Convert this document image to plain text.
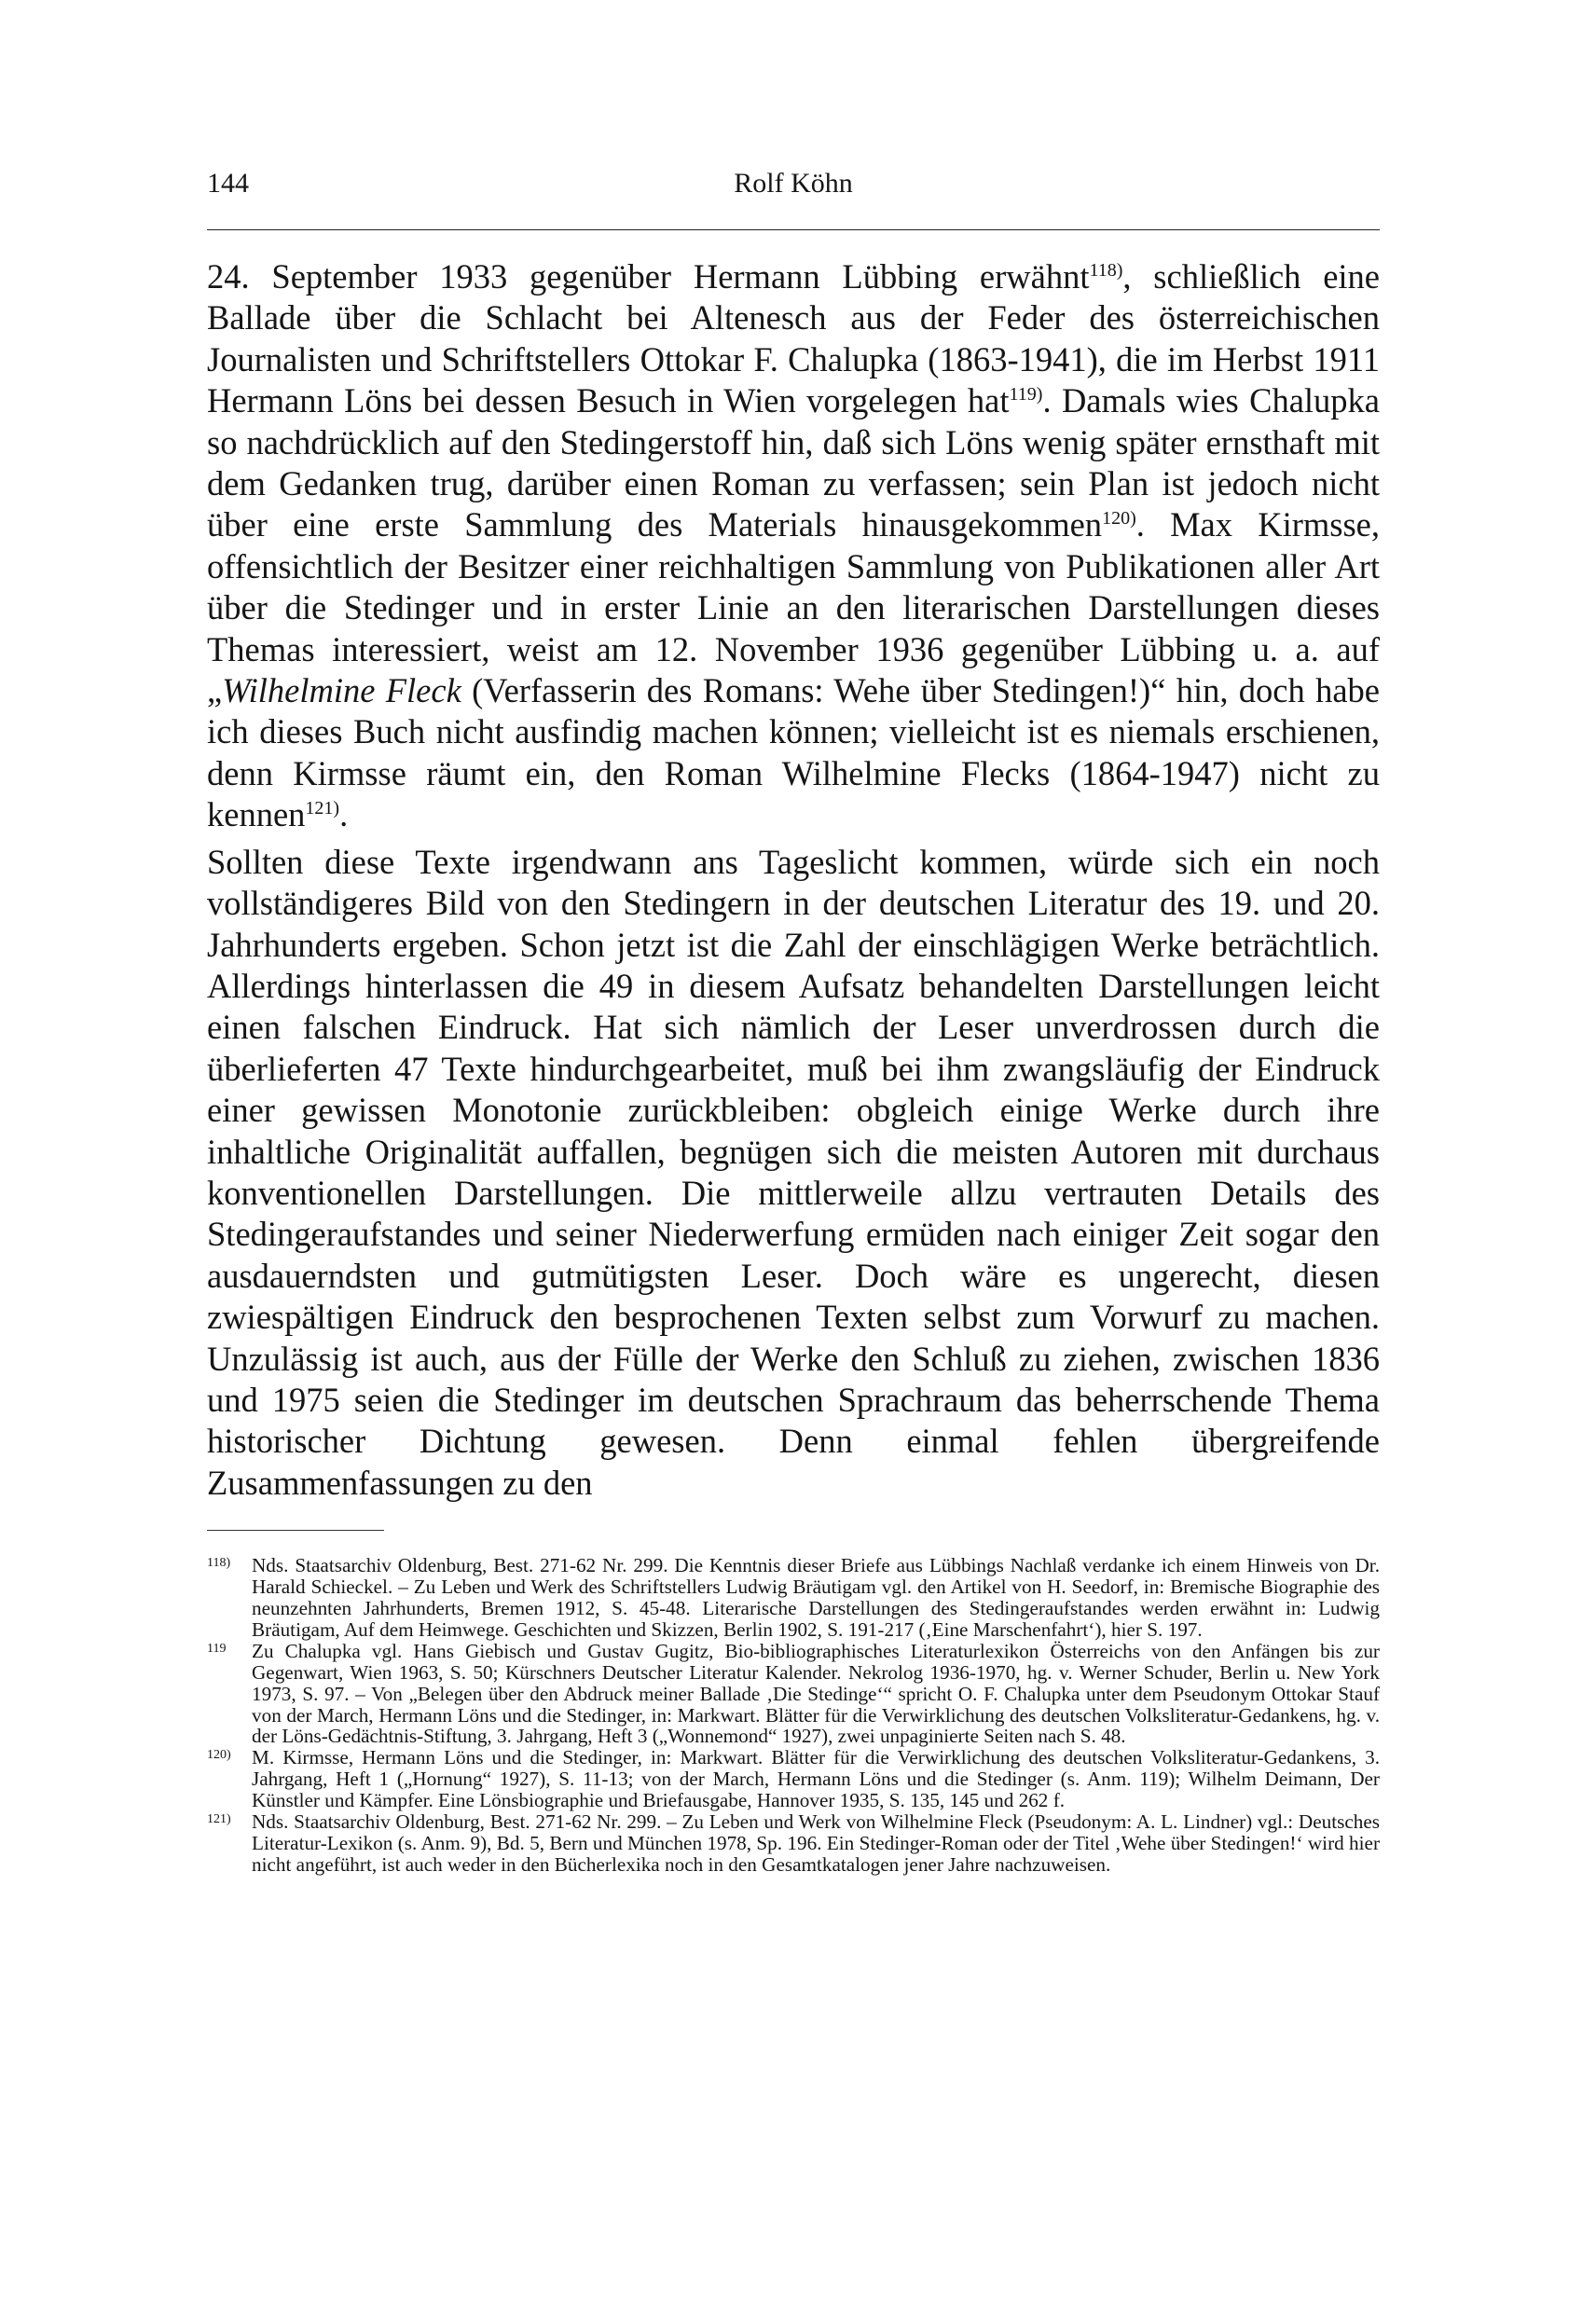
144	Rolf Köhn

24. September 1933 gegenüber Hermann Lübbing erwähnt$^{118)}$, schließlich eine Ballade über die Schlacht bei Altenesch aus der Feder des österreichischen Journalisten und Schriftstellers Ottokar F. Chalupka (1863-1941), die im Herbst 1911 Hermann Löns bei dessen Besuch in Wien vorgelegen hat$^{119)}$. Damals wies Chalupka so nachdrücklich auf den Stedingerstoff hin, daß sich Löns wenig später ernsthaft mit dem Gedanken trug, darüber einen Roman zu verfassen; sein Plan ist jedoch nicht über eine erste Sammlung des Materials hinausgekommen$^{120)}$. Max Kirmsse, offensichtlich der Besitzer einer reichhaltigen Sammlung von Publikationen aller Art über die Stedinger und in erster Linie an den literarischen Darstellungen dieses Themas interessiert, weist am 12. November 1936 gegenüber Lübbing u. a. auf „Wilhelmine Fleck (Verfasserin des Romans: Wehe über Stedingen!)“ hin, doch habe ich dieses Buch nicht ausfindig machen können; vielleicht ist es niemals erschienen, denn Kirmsse räumt ein, den Roman Wilhelmine Flecks (1864-1947) nicht zu kennen$^{121)}$.

Sollten diese Texte irgendwann ans Tageslicht kommen, würde sich ein noch vollständigeres Bild von den Stedingern in der deutschen Literatur des 19. und 20. Jahrhunderts ergeben. Schon jetzt ist die Zahl der einschlägigen Werke beträchtlich. Allerdings hinterlassen die 49 in diesem Aufsatz behandelten Darstellungen leicht einen falschen Eindruck. Hat sich nämlich der Leser unverdrossen durch die überlieferten 47 Texte hindurchgearbeitet, muß bei ihm zwangsläufig der Eindruck einer gewissen Monotonie zurückbleiben: obgleich einige Werke durch ihre inhaltliche Originalität auffallen, begnügen sich die meisten Autoren mit durchaus konventionellen Darstellungen. Die mittlerweile allzu vertrauten Details des Stedingeraufstandes und seiner Niederwerfung ermüden nach einiger Zeit sogar den ausdauerndsten und gutmütigsten Leser. Doch wäre es ungerecht, diesen zwiespältigen Eindruck den besprochenen Texten selbst zum Vorwurf zu machen. Unzulässig ist auch, aus der Fülle der Werke den Schluß zu ziehen, zwischen 1836 und 1975 seien die Stedinger im deutschen Sprachraum das beherrschende Thema historischer Dichtung gewesen. Denn einmal fehlen übergreifende Zusammenfassungen zu den

118) Nds. Staatsarchiv Oldenburg, Best. 271-62 Nr. 299. Die Kenntnis dieser Briefe aus Lübbings Nachlaß verdanke ich einem Hinweis von Dr. Harald Schieckel. – Zu Leben und Werk des Schriftstellers Ludwig Bräutigam vgl. den Artikel von H. Seedorf, in: Bremische Biographie des neunzehnten Jahrhunderts, Bremen 1912, S. 45-48. Literarische Darstellungen des Stedingeraufstandes werden erwähnt in: Ludwig Bräutigam, Auf dem Heimwege. Geschichten und Skizzen, Berlin 1902, S. 191-217 (‚Eine Marschenfahrt‘), hier S. 197.
119 Zu Chalupka vgl. Hans Giebisch und Gustav Gugitz, Bio-bibliographisches Literaturlexikon Österreichs von den Anfängen bis zur Gegenwart, Wien 1963, S. 50; Kürschners Deutscher Literatur Kalender. Nekrolog 1936-1970, hg. v. Werner Schuder, Berlin u. New York 1973, S. 97. – Von „Belegen über den Abdruck meiner Ballade ‚Die Stedinge‘“ spricht O. F. Chalupka unter dem Pseudonym Ottokar Stauf von der March, Hermann Löns und die Stedinger, in: Markwart. Blätter für die Verwirklichung des deutschen Volksliteratur-Gedankens, hg. v. der Löns-Gedächtnis-Stiftung, 3. Jahrgang, Heft 3 („Wonnemond“ 1927), zwei unpaginierte Seiten nach S. 48.
120) M. Kirmsse, Hermann Löns und die Stedinger, in: Markwart. Blätter für die Verwirklichung des deutschen Volksliteratur-Gedankens, 3. Jahrgang, Heft 1 („Hornung“ 1927), S. 11-13; von der March, Hermann Löns und die Stedinger (s. Anm. 119); Wilhelm Deimann, Der Künstler und Kämpfer. Eine Lönsbiographie und Briefausgabe, Hannover 1935, S. 135, 145 und 262 f.
121) Nds. Staatsarchiv Oldenburg, Best. 271-62 Nr. 299. – Zu Leben und Werk von Wilhelmine Fleck (Pseudonym: A. L. Lindner) vgl.: Deutsches Literatur-Lexikon (s. Anm. 9), Bd. 5, Bern und München 1978, Sp. 196. Ein Stedinger-Roman oder der Titel ‚Wehe über Stedingen!‘ wird hier nicht angeführt, ist auch weder in den Bücherlexika noch in den Gesamtkatalogen jener Jahre nachzuweisen.
